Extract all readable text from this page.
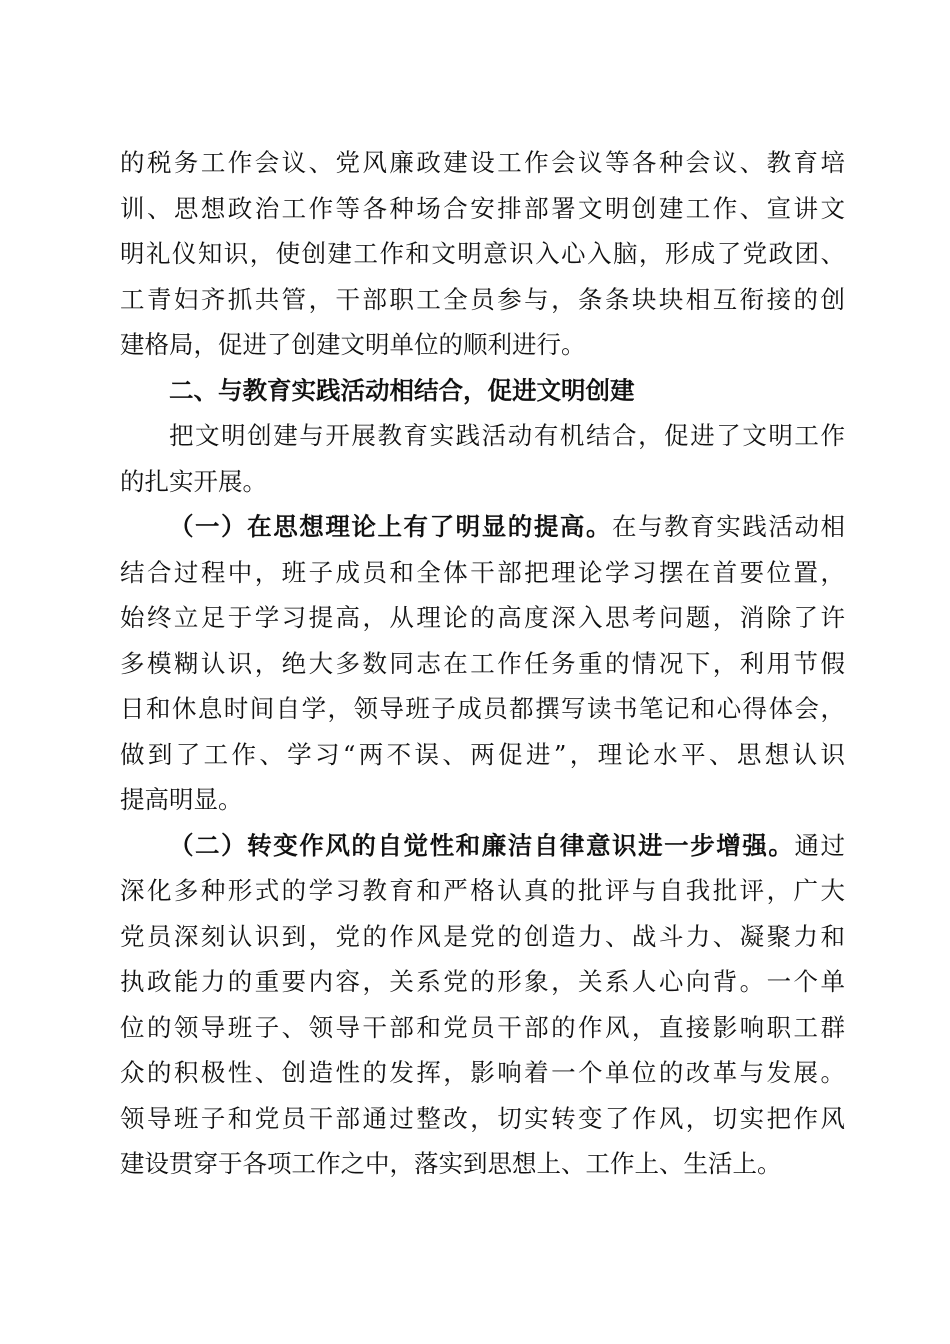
的税务工作会议、党风廉政建设工作会议等各种会议、教育培
训、思想政治工作等各种场合安排部署文明创建工作、宣讲文
明礼仪知识，使创建工作和文明意识入心入脑，形成了党政团、
工青妇齐抓共管，干部职工全员参与，条条块块相互衔接的创
建格局，促进了创建文明单位的顺利进行。
二、与教育实践活动相结合，促进文明创建
把文明创建与开展教育实践活动有机结合，促进了文明工作
的扎实开展。
（一）在思想理论上有了明显的提高。在与教育实践活动相
结合过程中，班子成员和全体干部把理论学习摆在首要位置，
始终立足于学习提高，从理论的高度深入思考问题，消除了许
多模糊认识，绝大多数同志在工作任务重的情况下，利用节假
日和休息时间自学，领导班子成员都撰写读书笔记和心得体会，
做到了工作、学习“两不误、两促进”，理论水平、思想认识
提高明显。
（二）转变作风的自觉性和廉洁自律意识进一步增强。通过
深化多种形式的学习教育和严格认真的批评与自我批评，广大
党员深刻认识到，党的作风是党的创造力、战斗力、凝聚力和
执政能力的重要内容，关系党的形象，关系人心向背。一个单
位的领导班子、领导干部和党员干部的作风，直接影响职工群
众的积极性、创造性的发挥，影响着一个单位的改革与发展。
领导班子和党员干部通过整改，切实转变了作风，切实把作风
建设贯穿于各项工作之中，落实到思想上、工作上、生活上。
